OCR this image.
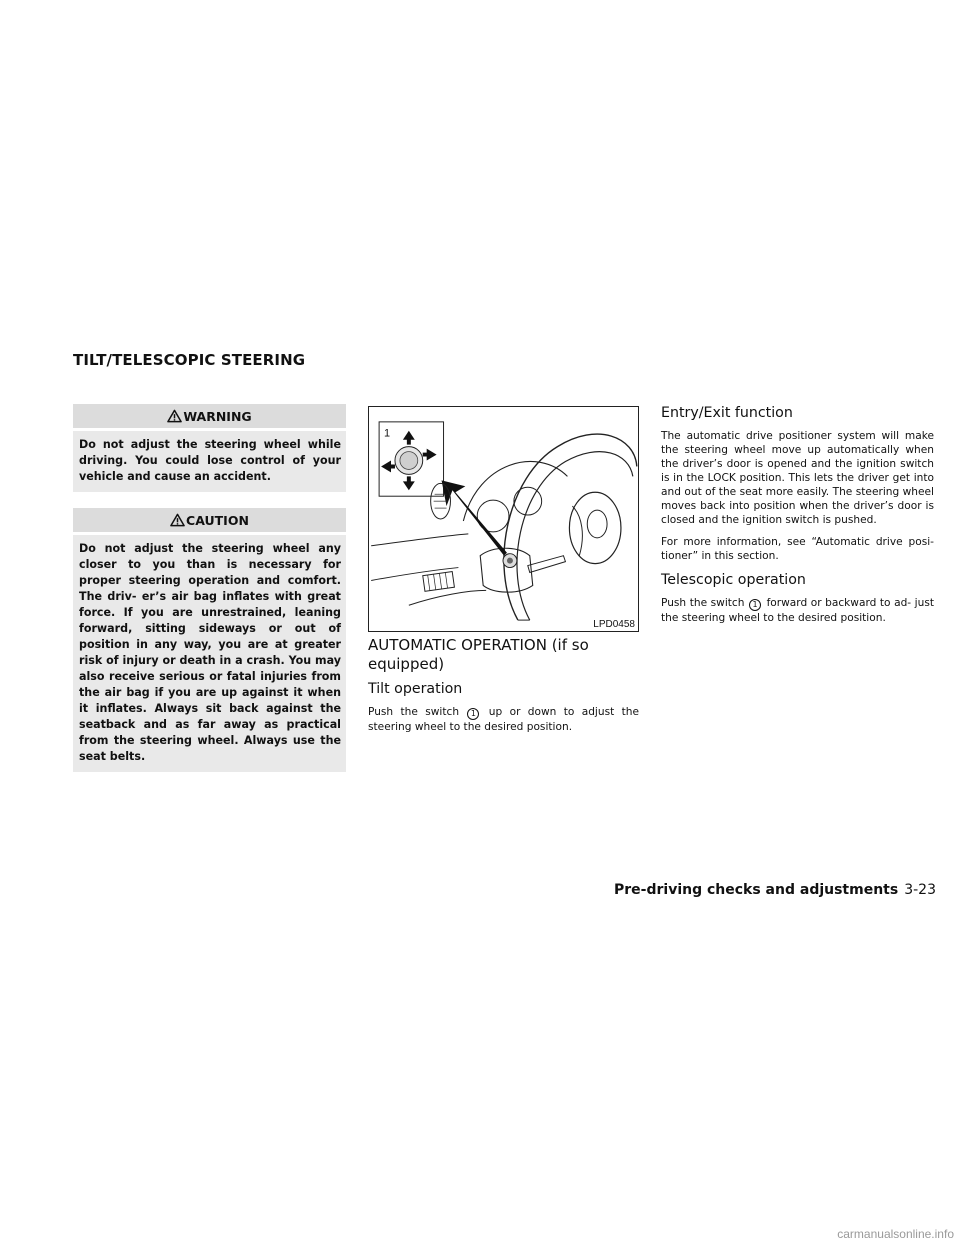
TILT/TELESCOPIC STEERING
WARNING
Do not adjust the steering wheel while driving. You could lose control of your vehicle and cause an accident.
CAUTION
Do not adjust the steering wheel any closer to you than is necessary for proper steering operation and comfort. The driv- er’s air bag inflates with great force. If you are unrestrained, leaning forward, sitting sideways or out of position in any way, you are at greater risk of injury or death in a crash. You may also receive serious or fatal injuries from the air bag if you are up against it when it inflates. Always sit back against the seatback and as far away as practical from the steering wheel. Always use the seat belts.
1
LPD0458
AUTOMATIC OPERATION (if so equipped)
Tilt operation

Push the switch 1 up or down to adjust the steering wheel to the desired position.

Entry/Exit function

The automatic drive positioner system will make the steering wheel move up automatically when the driver’s door is opened and the ignition switch is in the LOCK position. This lets the driver get into and out of the seat more easily. The steering wheel moves back into position when the driver’s door is closed and the ignition switch is pushed.

For more information, see “Automatic drive posi- tioner” in this section.

Telescopic operation

Push the switch 1 forward or backward to ad- just the steering wheel to the desired position.

Pre-driving checks and adjustments 3-23
carmanualsonline.info
